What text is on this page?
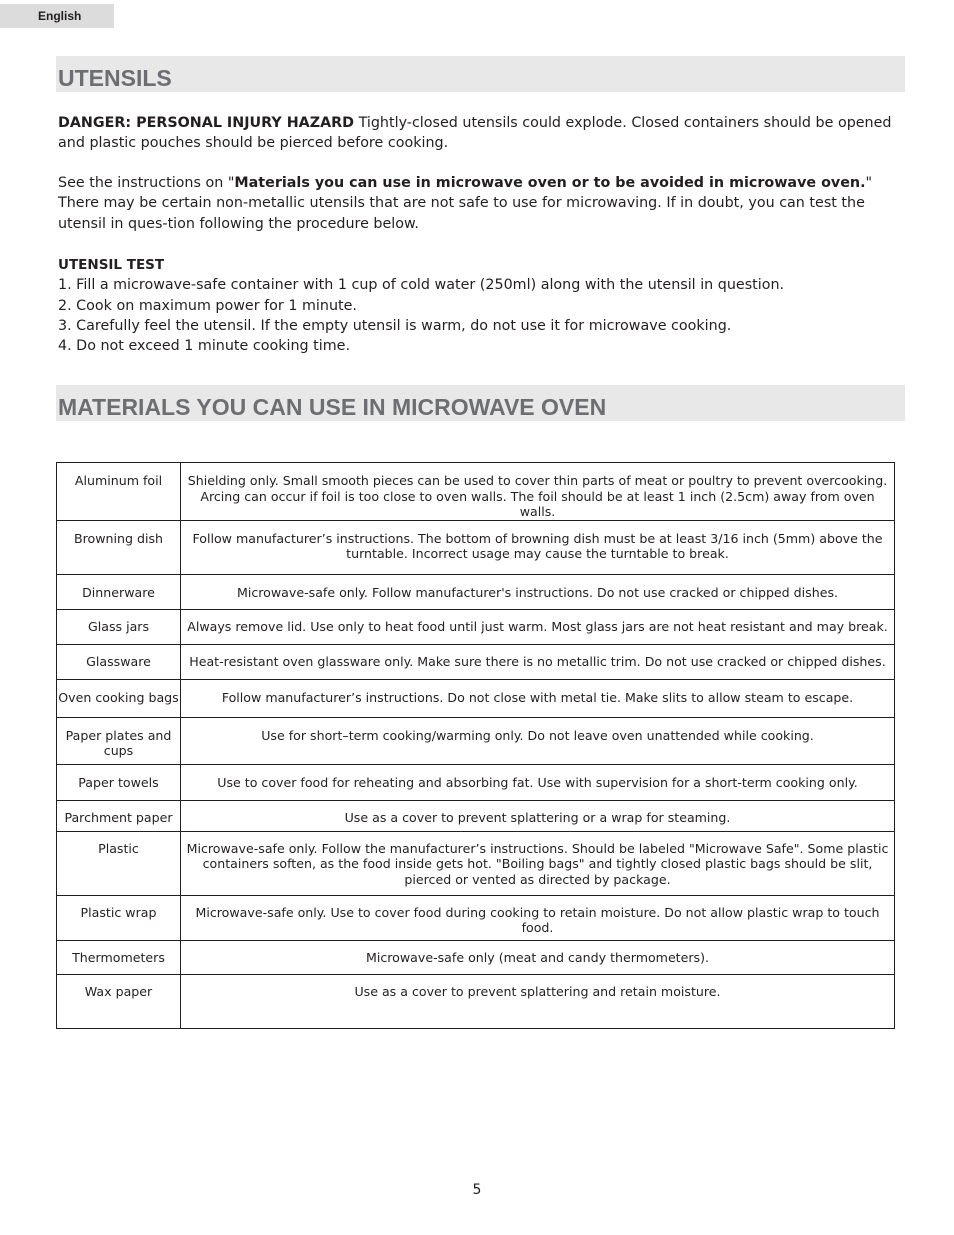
English
UTENSILS

DANGER: PERSONAL INJURY HAZARD Tightly-closed utensils could explode. Closed containers should be opened and plastic pouches should be pierced before cooking.

See the instructions on "Materials you can use in microwave oven or to be avoided in microwave oven." There may be certain non-metallic utensils that are not safe to use for microwaving. If in doubt, you can test the utensil in ques-tion following the procedure below.

UTENSIL TEST
1. Fill a microwave-safe container with 1 cup of cold water (250ml) along with the utensil in question.
2. Cook on maximum power for 1 minute.
3. Carefully feel the utensil. If the empty utensil is warm, do not use it for microwave cooking.
4. Do not exceed 1 minute cooking time.
MATERIALS YOU CAN USE IN MICROWAVE OVEN
Aluminum foil	Shielding only. Small smooth pieces can be used to cover thin parts of meat or poultry to prevent overcooking. Arcing can occur if foil is too close to oven walls. The foil should be at least 1 inch (2.5cm) away from oven walls.
Browning dish	Follow manufacturer’s instructions. The bottom of browning dish must be at least 3/16 inch (5mm) above the turntable. Incorrect usage may cause the turntable to break.
Dinnerware	Microwave-safe only. Follow manufacturer's instructions. Do not use cracked or chipped dishes.
Glass jars	Always remove lid. Use only to heat food until just warm. Most glass jars are not heat resistant and may break.
Glassware	Heat-resistant oven glassware only. Make sure there is no metallic trim. Do not use cracked or chipped dishes.
Oven cooking bags	Follow manufacturer’s instructions. Do not close with metal tie. Make slits to allow steam to escape.
Paper plates and cups	Use for short–term cooking/warming only. Do not leave oven unattended while cooking.
Paper towels	Use to cover food for reheating and absorbing fat. Use with supervision for a short-term cooking only.
Parchment paper	Use as a cover to prevent splattering or a wrap for steaming.
Plastic	Microwave-safe only. Follow the manufacturer’s instructions. Should be labeled "Microwave Safe". Some plastic containers soften, as the food inside gets hot. "Boiling bags" and tightly closed plastic bags should be slit, pierced or vented as directed by package.
Plastic wrap	Microwave-safe only. Use to cover food during cooking to retain moisture. Do not allow plastic wrap to touch food.
Thermometers	Microwave-safe only (meat and candy thermometers).
Wax paper	Use as a cover to prevent splattering and retain moisture.
5
